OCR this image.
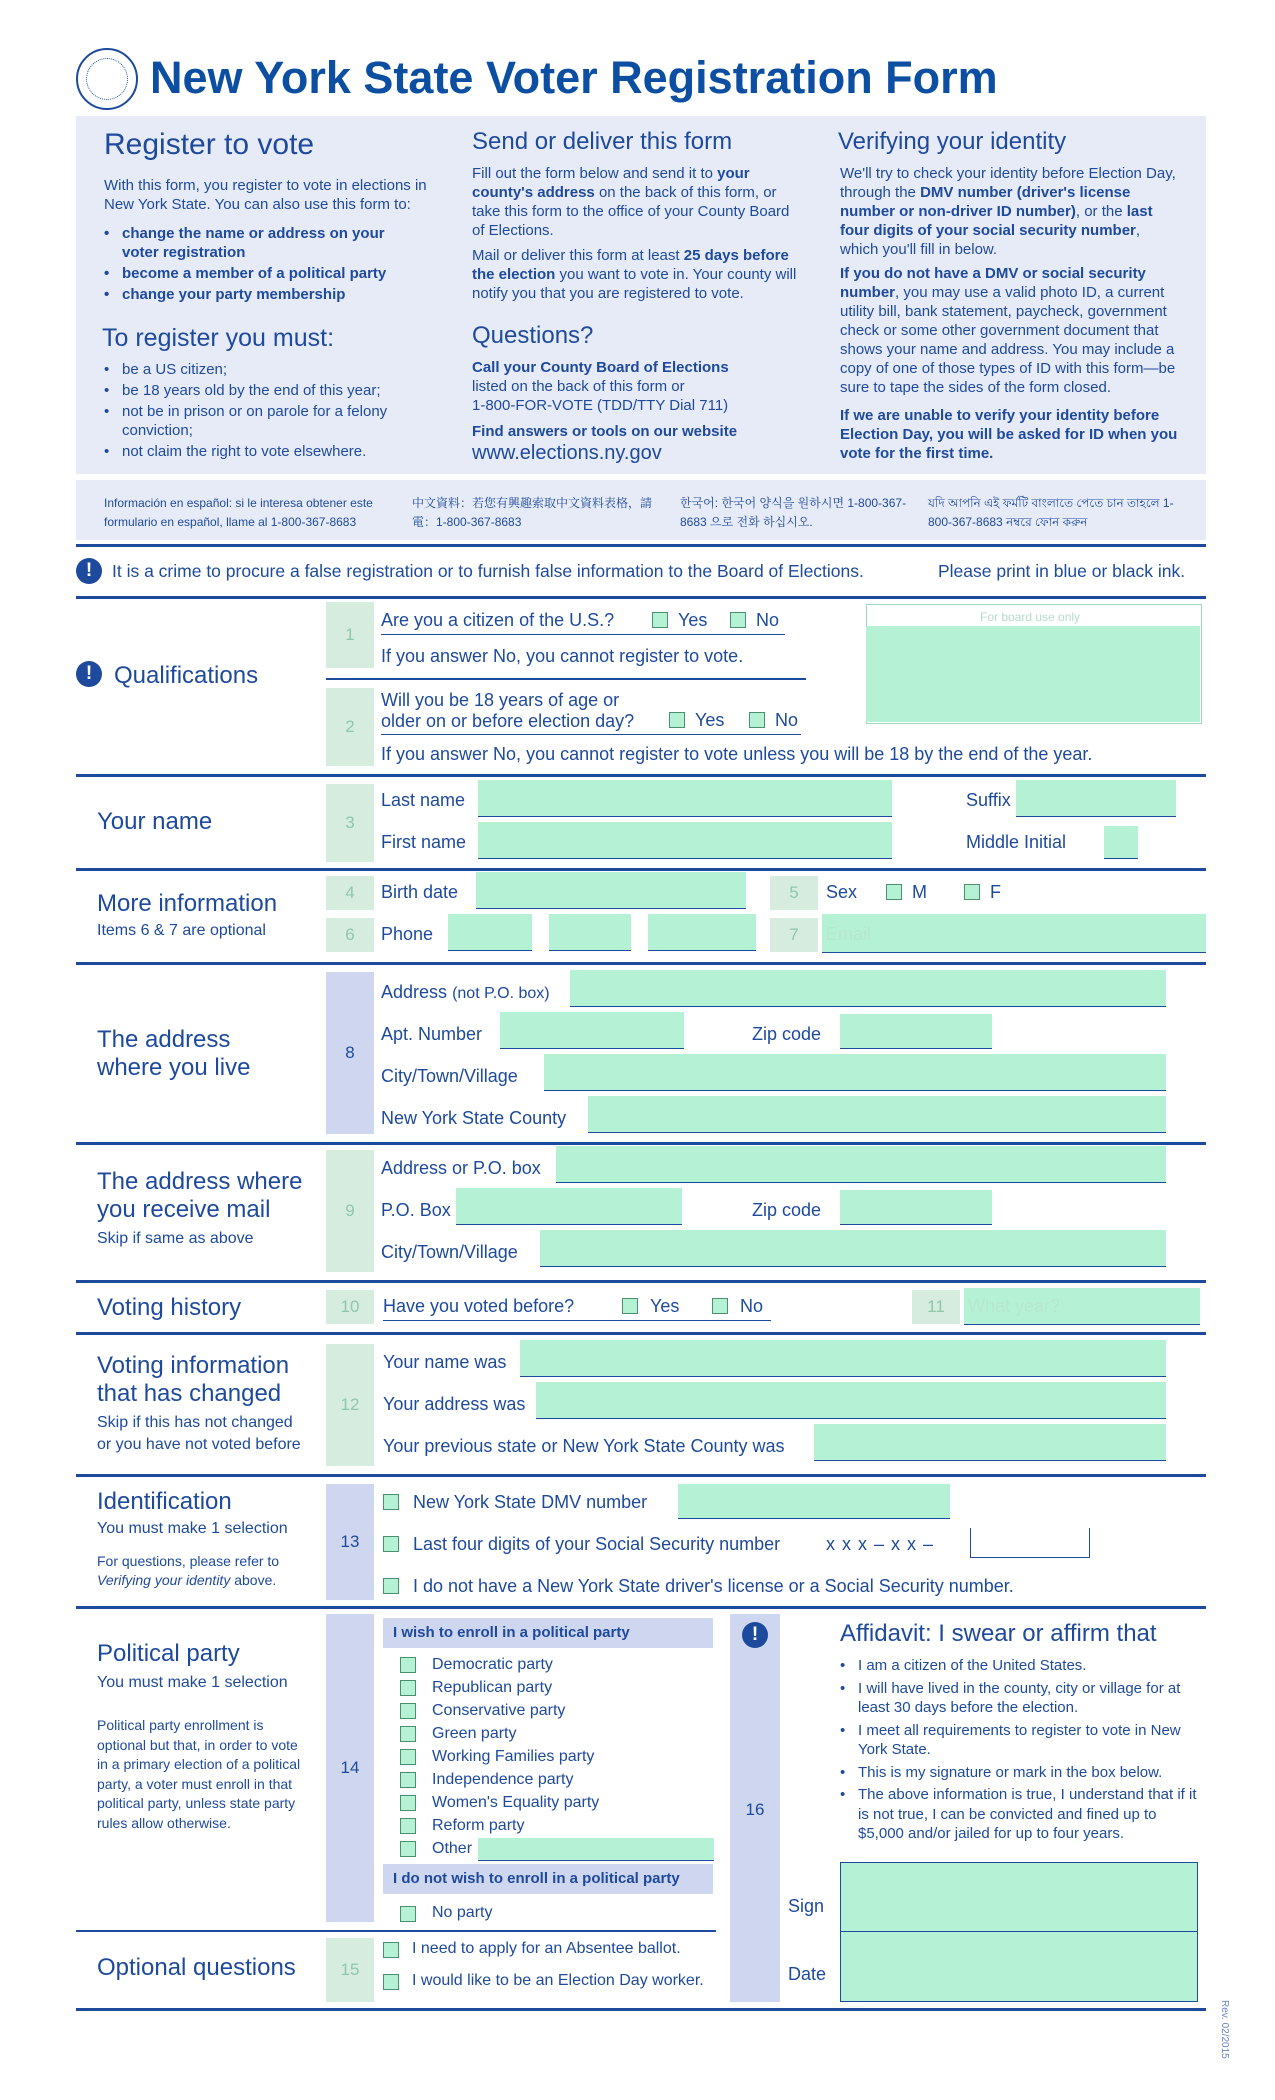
New York State Voter Registration Form
Register to vote
With this form, you register to vote in elections in New York State. You can also use this form to:
• change the name or address on your voter registration
• become a member of a political party
• change your party membership
To register you must:
• be a US citizen;
• be 18 years old by the end of this year;
• not be in prison or on parole for a felony conviction;
• not claim the right to vote elsewhere.
Send or deliver this form
Fill out the form below and send it to your county's address on the back of this form, or take this form to the office of your County Board of Elections.
Mail or deliver this form at least 25 days before the election you want to vote in. Your county will notify you that you are registered to vote.
Questions?
Call your County Board of Elections
listed on the back of this form or
1-800-FOR-VOTE (TDD/TTY Dial 711)
Find answers or tools on our website
www.elections.ny.gov
Verifying your identity
We'll try to check your identity before Election Day, through the DMV number (driver's license number or non-driver ID number), or the last four digits of your social security number, which you'll fill in below.
If you do not have a DMV or social security number, you may use a valid photo ID, a current utility bill, bank statement, paycheck, government check or some other government document that shows your name and address. You may include a copy of one of those types of ID with this form—be sure to tape the sides of the form closed.
If we are unable to verify your identity before Election Day, you will be asked for ID when you vote for the first time.
Información en español: si le interesa obtener este formulario en español, llame al 1-800-367-8683
中文資料：若您有興趣索取中文資料表格，請電：1-800-367-8683
한국어: 한국어 양식을 원하시면 1-800-367-8683 으로 전화 하십시오.
যদি আপনি এই ফর্মটি বাংলাতে পেতে চান তাহলে 1-800-367-8683 নম্বরে ফোন করুন
!	It is a crime to procure a false registration or to furnish false information to the Board of Elections.	Please print in blue or black ink.
For board use only
! Qualifications
1
Are you a citizen of the U.S.?	Yes	No
If you answer No, you cannot register to vote.
2
Will you be 18 years of age or
older on or before election day?	Yes	No
If you answer No, you cannot register to vote unless you will be 18 by the end of the year.
Your name	3
Last name	Suffix
First name	Middle Initial
More information
Items 6 & 7 are optional
4	Birth date	5	Sex	M	F
6	Phone	7	Email
The address
where you live
8
Address (not P.O. box)
Apt. Number	Zip code
City/Town/Village
New York State County
The address where
you receive mail
Skip if same as above
9
Address or P.O. box
P.O. Box	Zip code
City/Town/Village
Voting history	10	Have you voted before?	Yes	No	11	What year?
Voting information
that has changed
Skip if this has not changed
or you have not voted before
12
Your name was
Your address was
Your previous state or New York State County was
Identification
You must make 1 selection
For questions, please refer to
Verifying your identity above.
13
New York State DMV number
Last four digits of your Social Security number	x x x – x x –
I do not have a New York State driver's license or a Social Security number.
Political party
You must make 1 selection
Political party enrollment is optional but that, in order to vote in a primary election of a political party, a voter must enroll in that political party, unless state party rules allow otherwise.
14
I wish to enroll in a political party
Democratic party
Republican party
Conservative party
Green party
Working Families party
Independence party
Women's Equality party
Reform party
Other
I do not wish to enroll in a political party
No party
Optional questions	15
I need to apply for an Absentee ballot.
I would like to be an Election Day worker.
!
16
Affidavit: I swear or affirm that
• I am a citizen of the United States.
• I will have lived in the county, city or village for at least 30 days before the election.
• I meet all requirements to register to vote in New York State.
• This is my signature or mark in the box below.
• The above information is true, I understand that if it is not true, I can be convicted and fined up to $5,000 and/or jailed for up to four years.
Sign
Date
Rev. 02/2015
